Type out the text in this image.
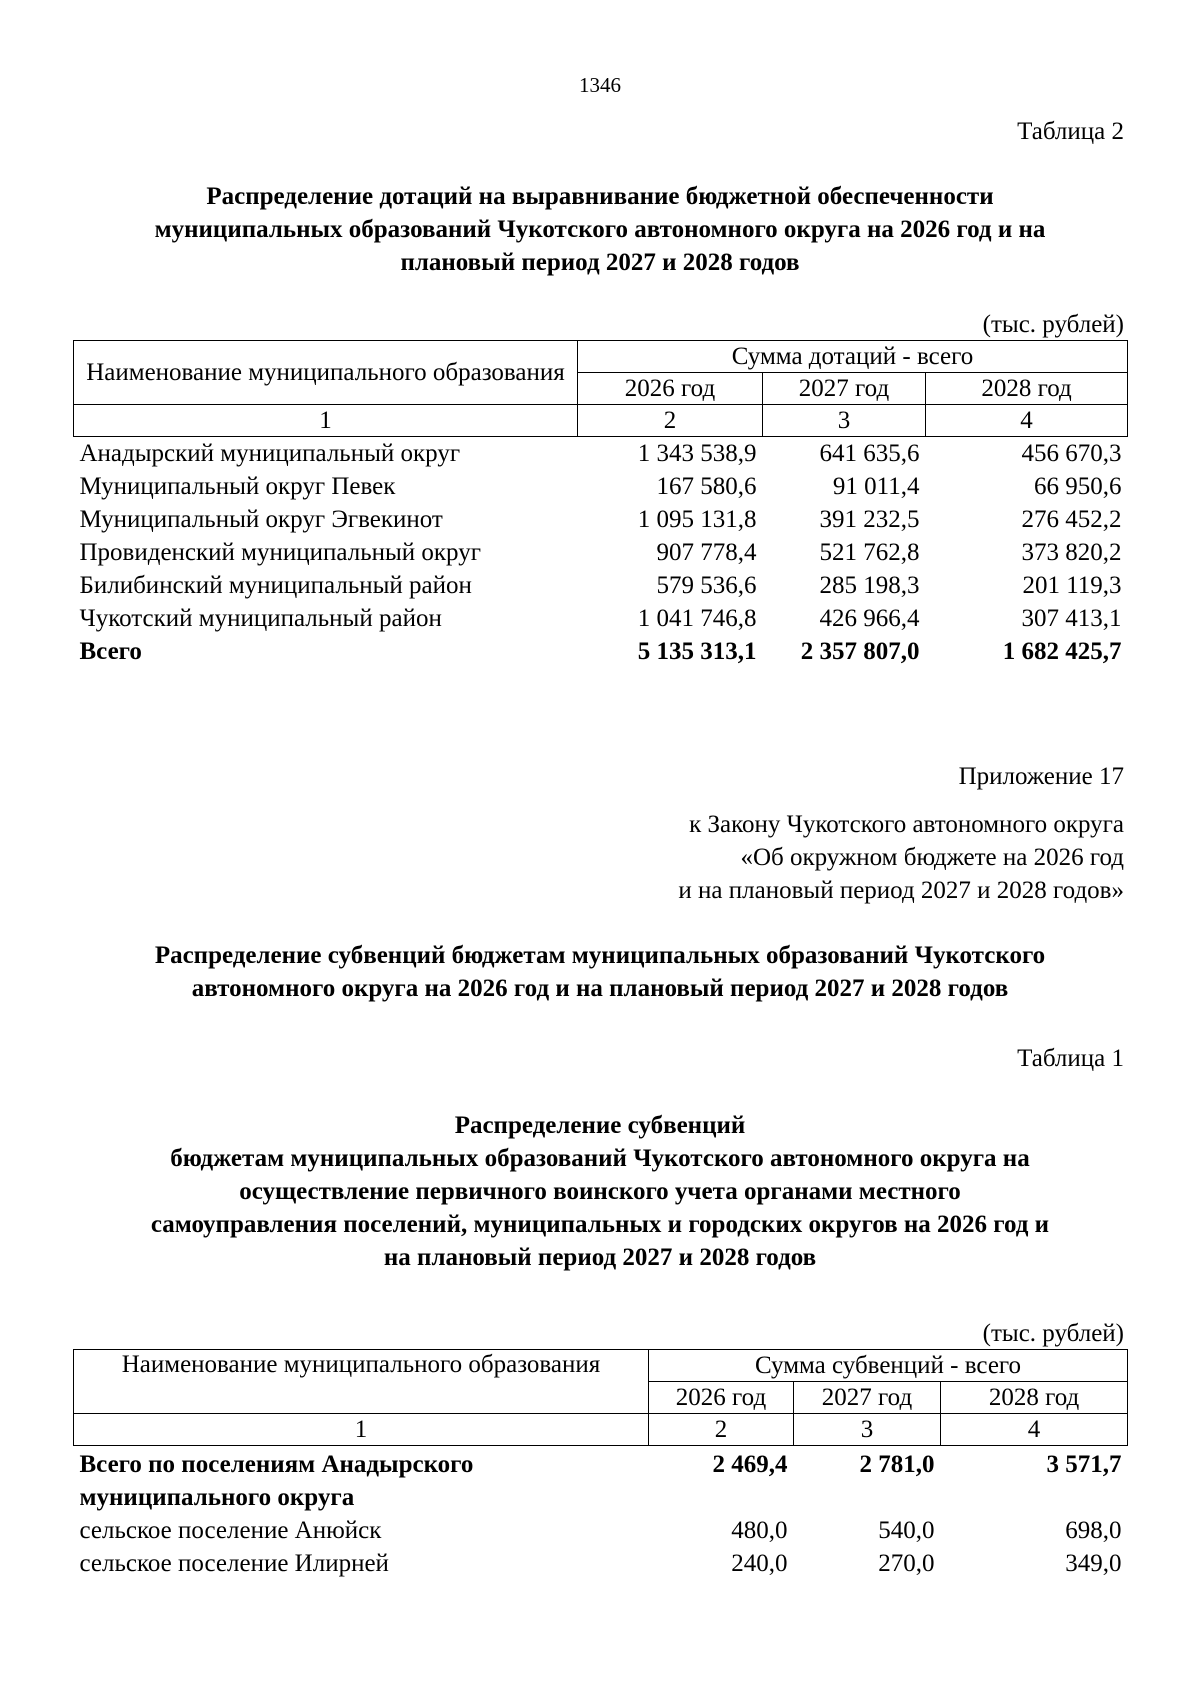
1346
Таблица 2
Распределение дотаций на выравнивание бюджетной обеспеченности
муниципальных образований Чукотского автономного округа на 2026 год и на
плановый период 2027 и 2028 годов
(тыс. рублей)
Наименование муниципального образования	Сумма дотаций - всего		
	2026 год	2027 год	2028 год
1	2	3	4
Анадырский муниципальный округ	1 343 538,9	641 635,6	456 670,3
Муниципальный округ Певек	167 580,6	91 011,4	66 950,6
Муниципальный округ Эгвекинот	1 095 131,8	391 232,5	276 452,2
Провиденский муниципальный округ	907 778,4	521 762,8	373 820,2
Билибинский муниципальный район	579 536,6	285 198,3	201 119,3
Чукотский муниципальный район	1 041 746,8	426 966,4	307 413,1
Всего	5 135 313,1	2 357 807,0	1 682 425,7
Приложение 17
к Закону Чукотского автономного округа
«Об окружном бюджете на 2026 год
и на плановый период 2027 и 2028 годов»
Распределение субвенций бюджетам муниципальных образований Чукотского
автономного округа на 2026 год и на плановый период 2027 и 2028 годов
Таблица 1
Распределение субвенций
бюджетам муниципальных образований Чукотского автономного округа на
осуществление первичного воинского учета органами местного
самоуправления поселений, муниципальных и городских округов на 2026 год и
на плановый период 2027 и 2028 годов
(тыс. рублей)
Наименование муниципального образования	Сумма субвенций - всего		
	2026 год	2027 год	2028 год
1	2	3	4
Всего по поселениям Анадырского муниципального округа	2 469,4	2 781,0	3 571,7
сельское поселение Анюйск	480,0	540,0	698,0
сельское поселение Илирней	240,0	270,0	349,0
